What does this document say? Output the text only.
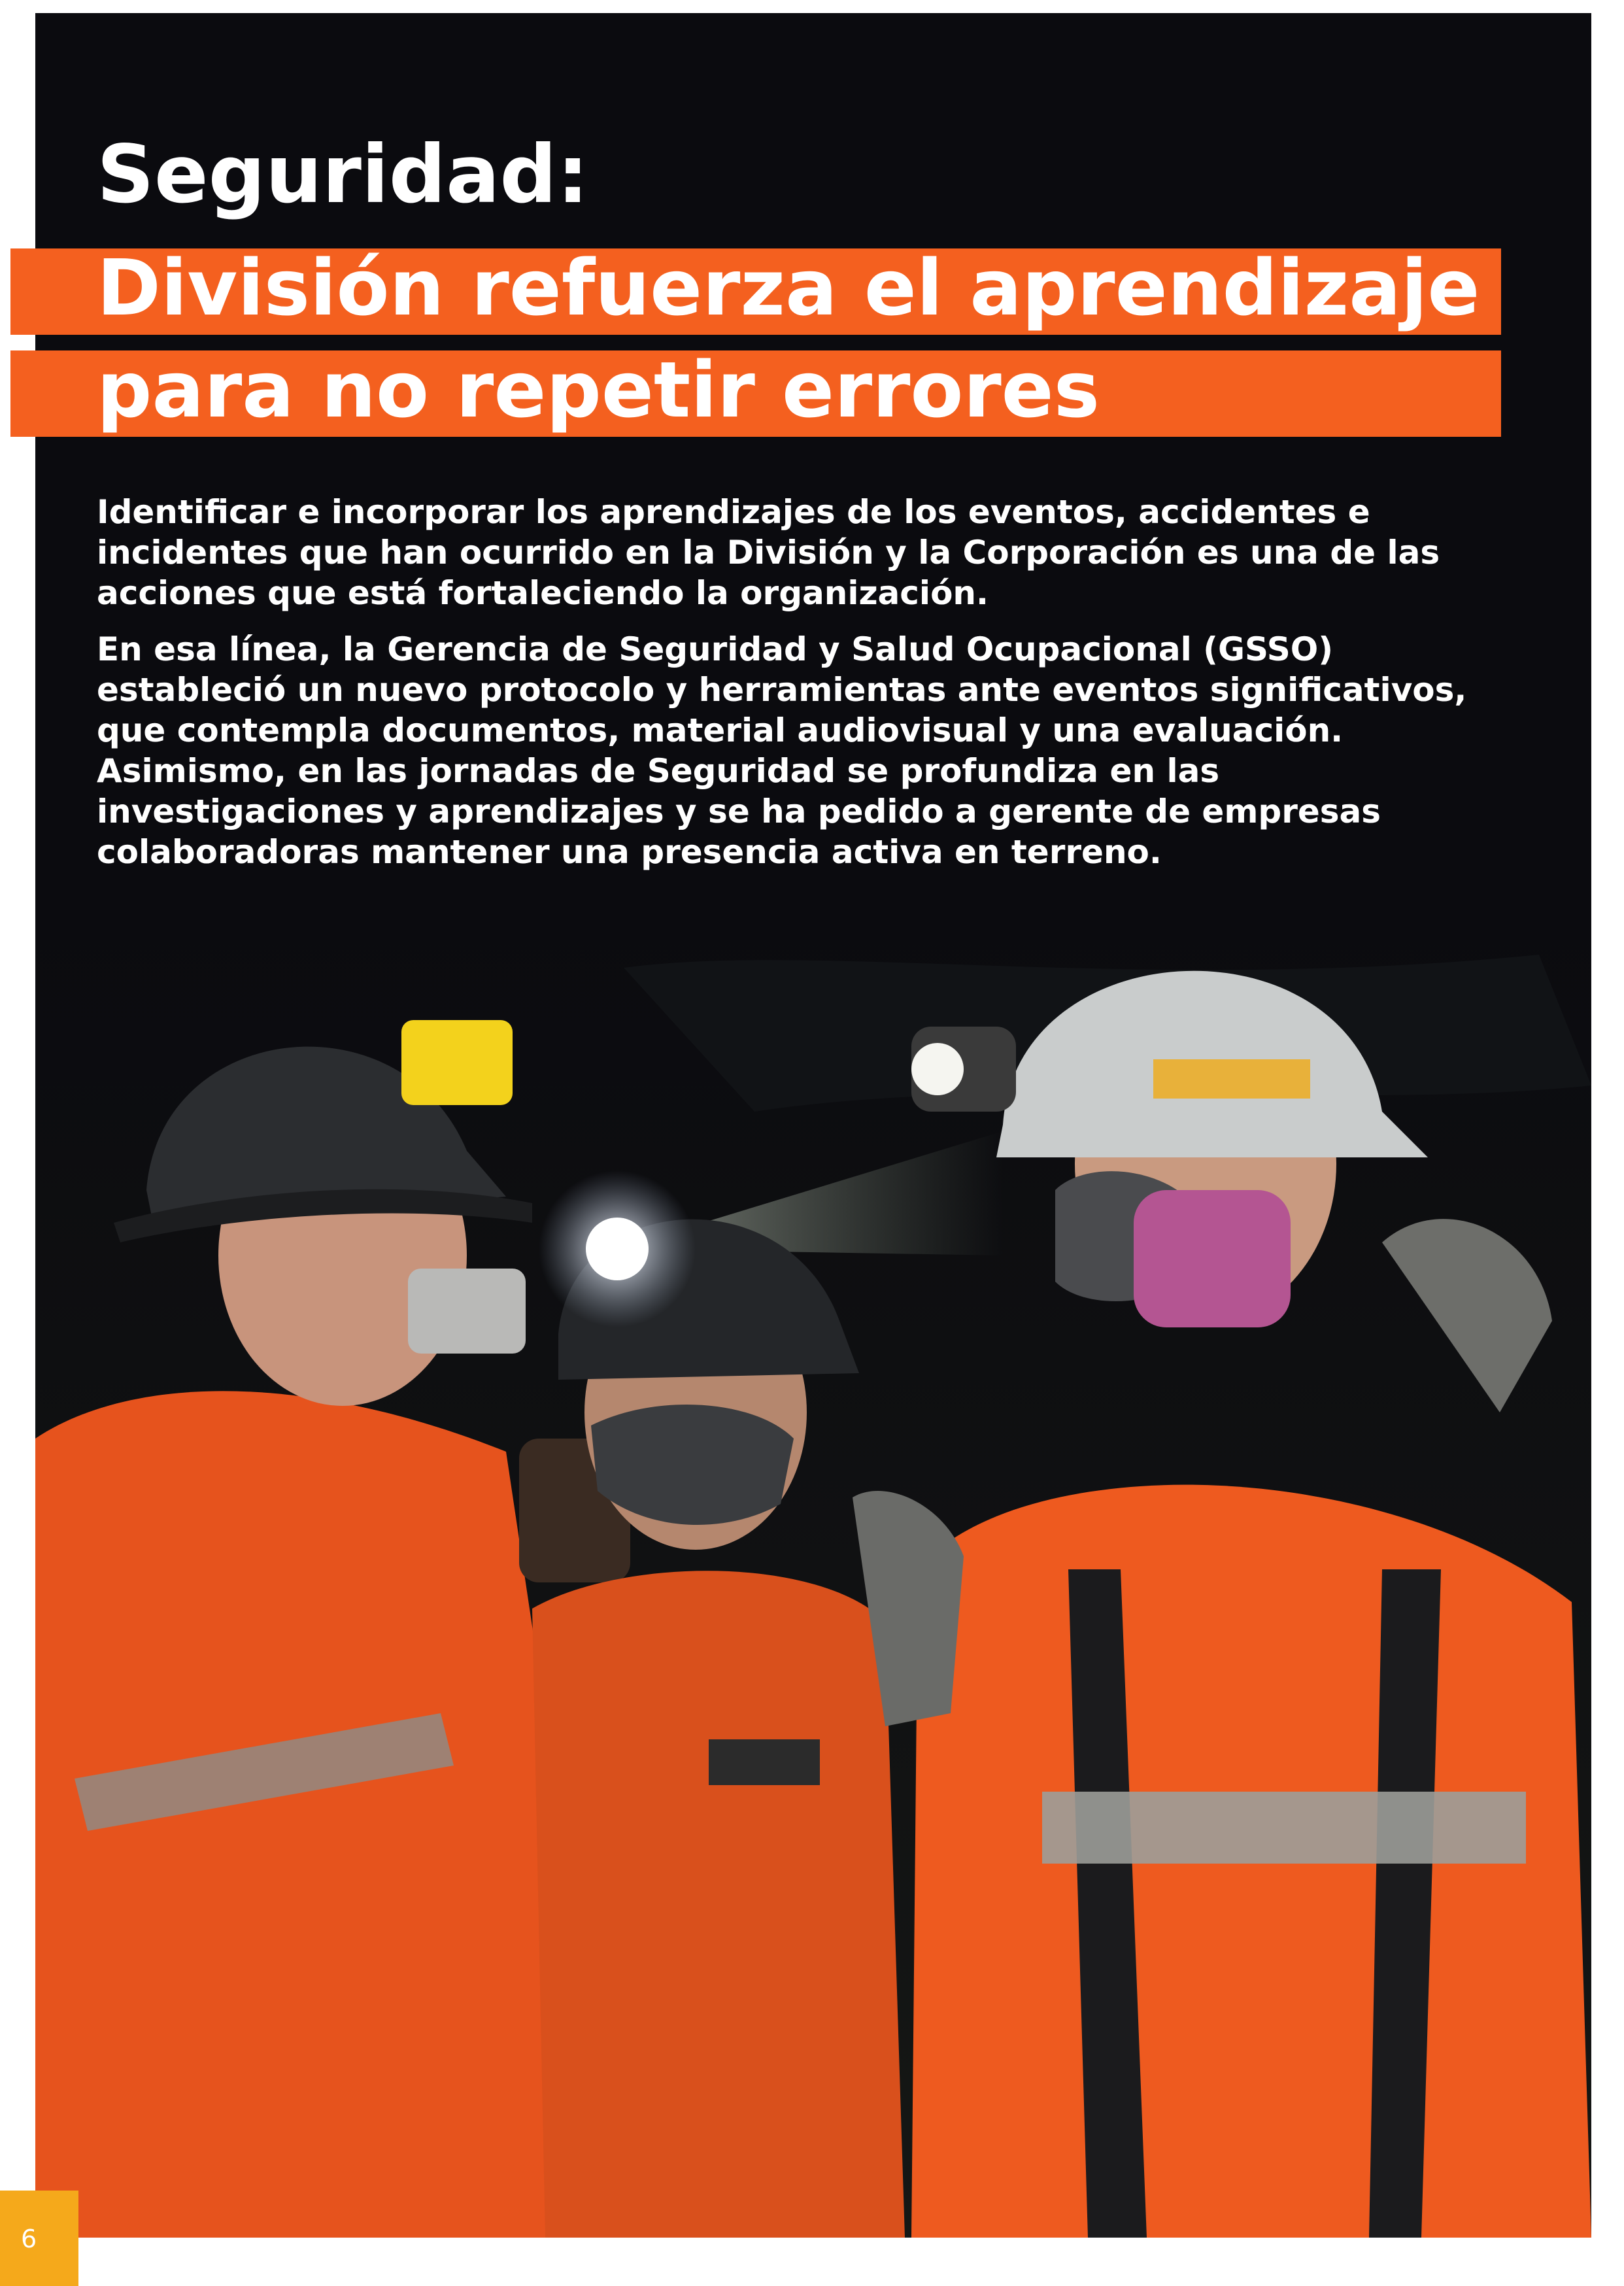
Seguridad:
División refuerza el aprendizaje
para no repetir errores

Identificar e incorporar los aprendizajes de los eventos, accidentes e incidentes que han ocurrido en la División y la Corporación es una de las acciones que está fortaleciendo la organización.

En esa línea, la Gerencia de Seguridad y Salud Ocupacional (GSSO) estableció un nuevo protocolo y herramientas ante eventos significativos, que contempla documentos, material audiovisual y una evaluación. Asimismo, en las jornadas de Seguridad se profundiza en las investigaciones y aprendizajes y se ha pedido a gerente de empresas colaboradoras mantener una presencia activa en terreno.

6
